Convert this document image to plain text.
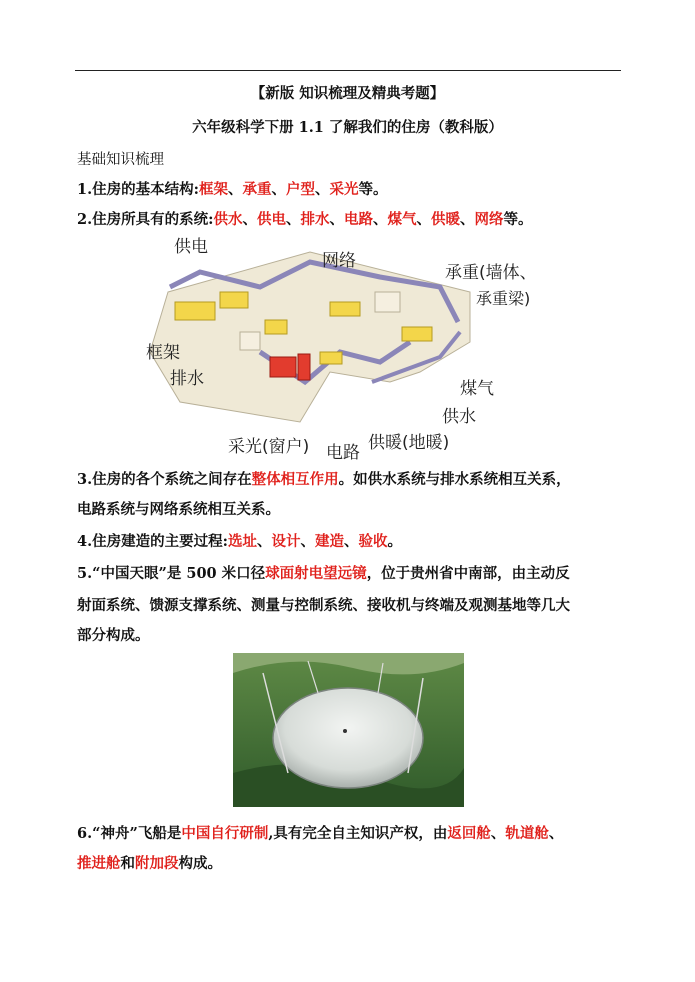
【新版 知识梳理及精典考题】
六年级科学下册 1.1 了解我们的住房（教科版）
基础知识梳理
1.住房的基本结构:框架、承重、户型、采光等。
2.住房所具有的系统:供水、供电、排水、电路、煤气、供暖、网络等。
供电
网络
承重(墙体、
承重梁)
框架
排水	煤气
供水
采光(窗户) 电路 供暖(地暖)
3.住房的各个系统之间存在整体相互作用。如供水系统与排水系统相互关系，
电路系统与网络系统相互关系。
4.住房建造的主要过程:选址、设计、建造、验收。
5.“中国天眼”是 500 米口径球面射电望远镜，位于贵州省中南部，由主动反
射面系统、馈源支撑系统、测量与控制系统、接收机与终端及观测基地等几大
部分构成。
6.“神舟”飞船是中国自行研制,具有完全自主知识产权，由返回舱、轨道舱、
推进舱和附加段构成。
